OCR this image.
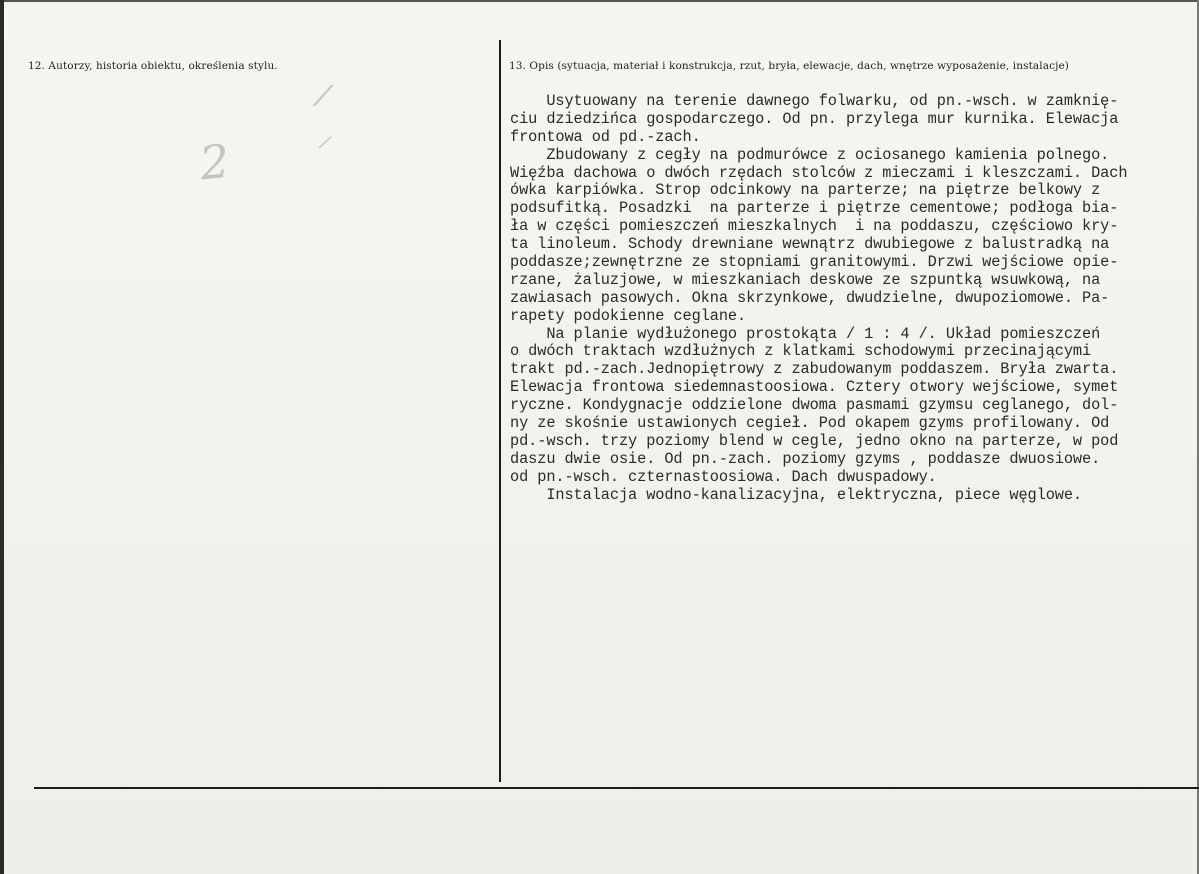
12. Autorzy, historia obiektu, określenia stylu.	13. Opis (sytuacja, materiał i konstrukcja, rzut, bryła, elewacje, dach, wnętrze wyposażenie, instalacje)
/
2	/
Usytuowany na terenie dawnego folwarku, od pn.-wsch. w zamknię-
ciu dziedzińca gospodarczego. Od pn. przylega mur kurnika. Elewacja
frontowa od pd.-zach.
Zbudowany z cegły na podmurówce z ociosanego kamienia polnego.
Więźba dachowa o dwóch rzędach stolców z mieczami i kleszczami. Dach
ówka karpiówka. Strop odcinkowy na parterze; na piętrze belkowy z
podsufitką. Posadzki  na parterze i piętrze cementowe; podłoga bia-
ła w części pomieszczeń mieszkalnych  i na poddaszu, częściowo kry-
ta linoleum. Schody drewniane wewnątrz dwubiegowe z balustradką na
poddasze;zewnętrzne ze stopniami granitowymi. Drzwi wejściowe opie-
rzane, żaluzjowe, w mieszkaniach deskowe ze szpuntką wsuwkową, na
zawiasach pasowych. Okna skrzynkowe, dwudzielne, dwupoziomowe. Pa-
rapety podokienne ceglane.
Na planie wydłużonego prostokąta / 1 : 4 /. Układ pomieszczeń
o dwóch traktach wzdłużnych z klatkami schodowymi przecinającymi
trakt pd.-zach.Jednopiętrowy z zabudowanym poddaszem. Bryła zwarta.
Elewacja frontowa siedemnastoosiowa. Cztery otwory wejściowe, symet
ryczne. Kondygnacje oddzielone dwoma pasmami gzymsu ceglanego, dol-
ny ze skośnie ustawionych cegieł. Pod okapem gzyms profilowany. Od
pd.-wsch. trzy poziomy blend w cegle, jedno okno na parterze, w pod
daszu dwie osie. Od pn.-zach. poziomy gzyms , poddasze dwuosiowe.
od pn.-wsch. czternastoosiowa. Dach dwuspadowy.
Instalacja wodno-kanalizacyjna, elektryczna, piece węglowe.
